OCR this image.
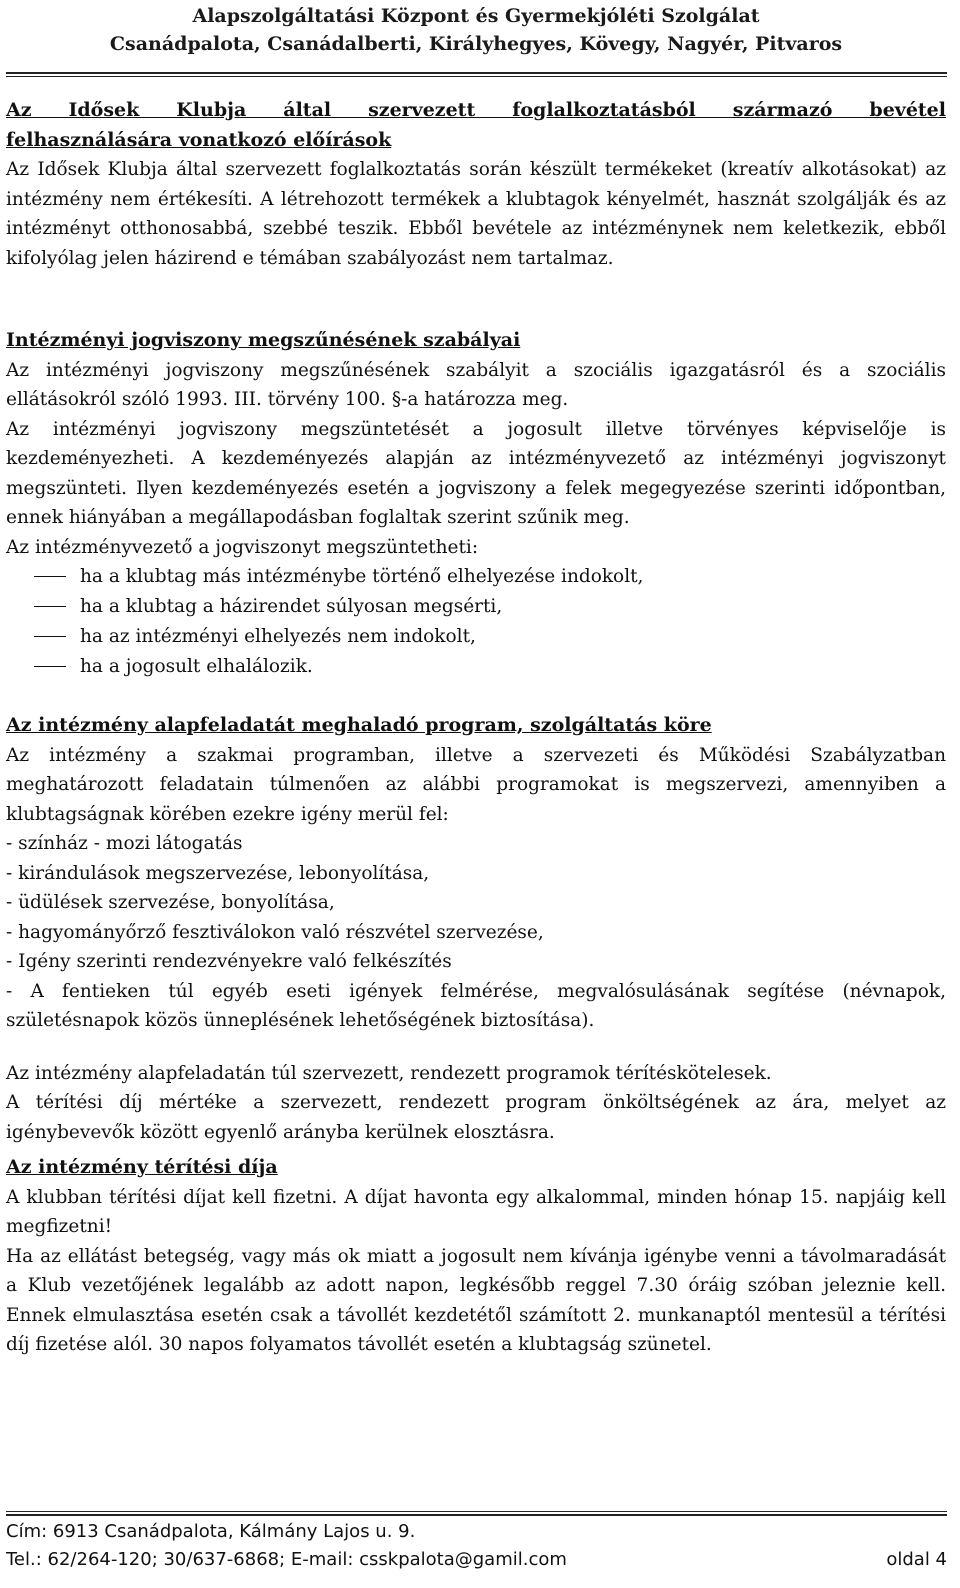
Alapszolgáltatási Központ és Gyermekjóléti Szolgálat
Csanádpalota, Csanádalberti, Királyhegyes, Kövegy, Nagyér, Pitvaros

Az Idősek Klubja által szervezett foglalkoztatásból származó bevétel

felhasználására vonatkozó előírások

Az Idősek Klubja által szervezett foglalkoztatás során készült termékeket (kreatív alkotásokat) az intézmény nem értékesíti. A létrehozott termékek a klubtagok kényelmét, hasznát szolgálják és az intézményt otthonosabbá, szebbé teszik. Ebből bevétele az intézménynek nem keletkezik, ebből kifolyólag jelen házirend e témában szabályozást nem tartalmaz.

Intézményi jogviszony megszűnésének szabályai

Az intézményi jogviszony megszűnésének szabályit a szociális igazgatásról és a szociális ellátásokról szóló 1993. III. törvény 100. §-a határozza meg.

Az intézményi jogviszony megszüntetését a jogosult illetve törvényes képviselője is kezdeményezheti. A kezdeményezés alapján az intézményvezető az intézményi jogviszonyt megszünteti. Ilyen kezdeményezés esetén a jogviszony a felek megegyezése szerinti időpontban, ennek hiányában a megállapodásban foglaltak szerint szűnik meg.

Az intézményvezető a jogviszonyt megszüntetheti:

ha a klubtag más intézménybe történő elhelyezése indokolt,
ha a klubtag a házirendet súlyosan megsérti,
ha az intézményi elhelyezés nem indokolt,
ha a jogosult elhalálozik.

Az intézmény alapfeladatát meghaladó program, szolgáltatás köre

Az intézmény a szakmai programban, illetve a szervezeti és Működési Szabályzatban meghatározott feladatain túlmenően az alábbi programokat is megszervezi, amennyiben a klubtagságnak körében ezekre igény merül fel:

- színház - mozi látogatás

- kirándulások megszervezése, lebonyolítása,

- üdülések szervezése, bonyolítása,

- hagyományőrző fesztiválokon való részvétel szervezése,

- Igény szerinti rendezvényekre való felkészítés

- A fentieken túl egyéb eseti igények felmérése, megvalósulásának segítése (névnapok, születésnapok közös ünneplésének lehetőségének biztosítása).

Az intézmény alapfeladatán túl szervezett, rendezett programok térítéskötelesek.

A térítési díj mértéke a szervezett, rendezett program önköltségének az ára, melyet az igénybevevők között egyenlő arányba kerülnek elosztásra.

Az intézmény térítési díja

A klubban térítési díjat kell fizetni. A díjat havonta egy alkalommal, minden hónap 15. napjáig kell megfizetni!

Ha az ellátást betegség, vagy más ok miatt a jogosult nem kívánja igénybe venni a távolmaradását a Klub vezetőjének legalább az adott napon, legkésőbb reggel 7.30 óráig szóban jeleznie kell. Ennek elmulasztása esetén csak a távollét kezdetétől számított 2. munkanaptól mentesül a térítési díj fizetése alól. 30 napos folyamatos távollét esetén a klubtagság szünetel.

Cím: 6913 Csanádpalota, Kálmány Lajos u. 9.
Tel.: 62/264-120; 30/637-6868; E-mail: csskpalota@gamil.com	oldal 4
